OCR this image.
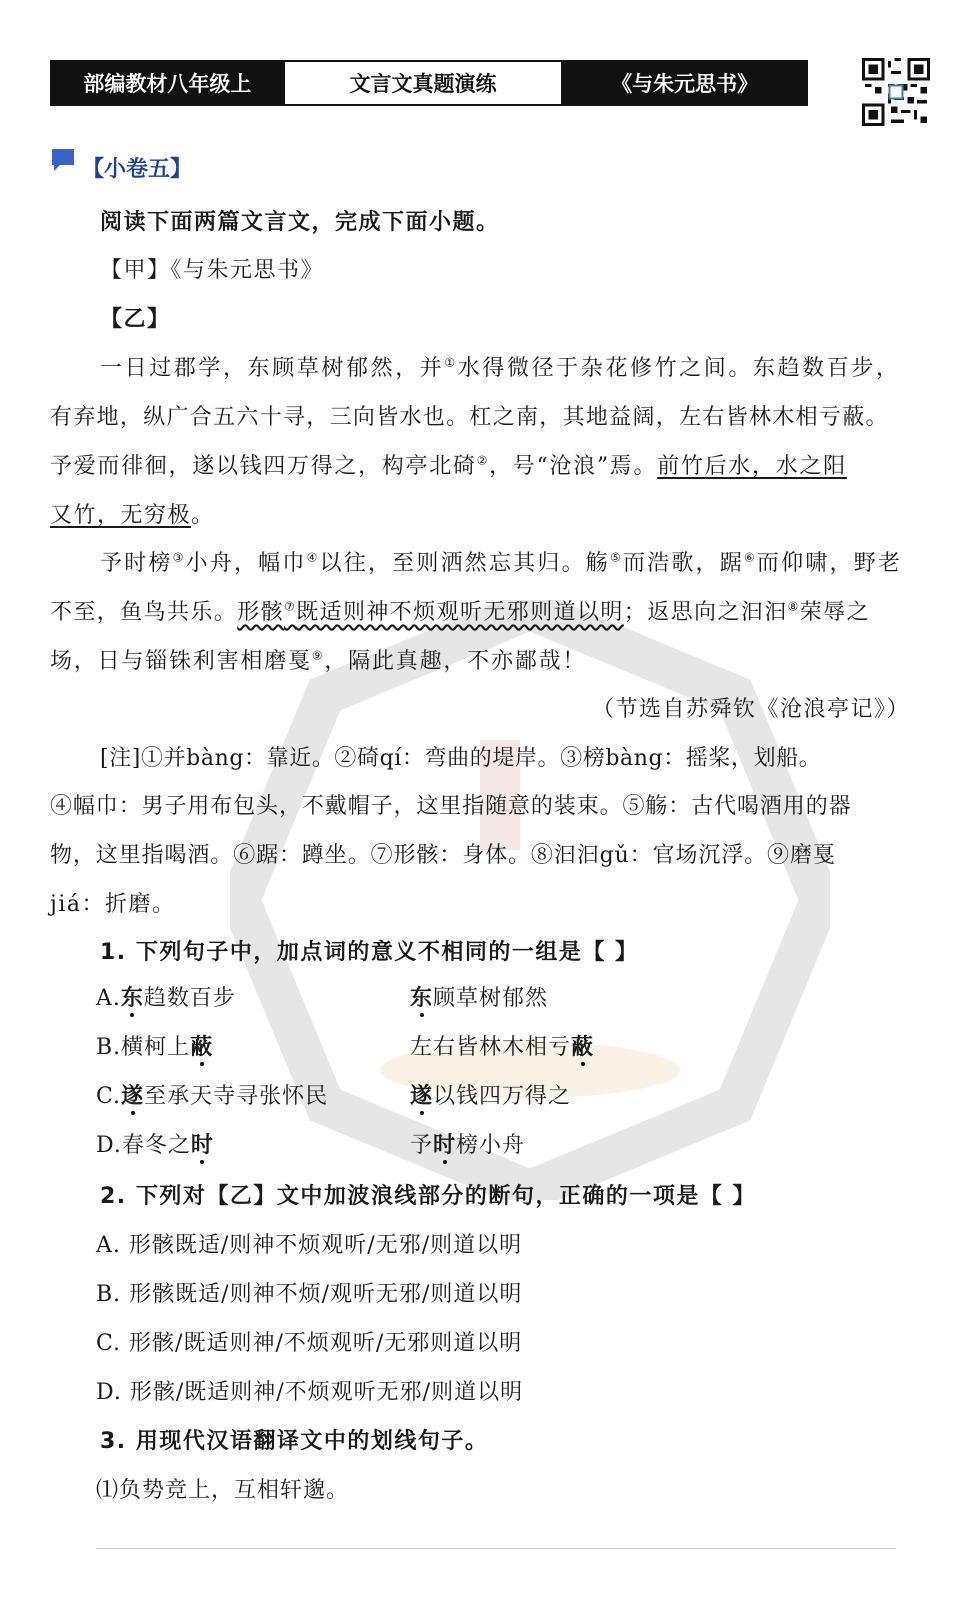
部编教材八年级上	文言文真题演练	《与朱元思书》
【小卷五】
阅读下面两篇文言文，完成下面小题。
【甲】《与朱元思书》
【乙】
一日过郡学，东顾草树郁然，并①水得微径于杂花修竹之间。东趋数百步，
有弃地，纵广合五六十寻，三向皆水也。杠之南，其地益阔，左右皆林木相亏蔽。
予爱而徘徊，遂以钱四万得之，构亭北碕②，号“沧浪”焉。前竹后水，水之阳
又竹，无穷极。
予时榜③小舟，幅巾④以往，至则洒然忘其归。觞⑤而浩歌，踞⑥而仰啸，野老
不至，鱼鸟共乐。形骸⑦既适则神不烦观听无邪则道以明；返思向之汩汩⑧荣辱之
场，日与锱铢利害相磨戛⑨，隔此真趣，不亦鄙哉！
（节选自苏舜钦《沧浪亭记》）
[注]①并bàng：靠近。②碕qí：弯曲的堤岸。③榜bàng：摇桨，划船。
④幅巾：男子用布包头，不戴帽子，这里指随意的装束。⑤觞：古代喝酒用的器
物，这里指喝酒。⑥踞：蹲坐。⑦形骸：身体。⑧汩汩gǔ：官场沉浮。⑨磨戛
jiá：折磨。
1. 下列句子中，加点词的意义不相同的一组是【 】
A.东趋数百步	东顾草树郁然
B.横柯上蔽	左右皆林木相亏蔽
C.遂至承天寺寻张怀民	遂以钱四万得之
D.春冬之时	予时榜小舟
2. 下列对【乙】文中加波浪线部分的断句，正确的一项是【 】
A. 形骸既适/则神不烦观听/无邪/则道以明
B. 形骸既适/则神不烦/观听无邪/则道以明
C. 形骸/既适则神/不烦观听/无邪则道以明
D. 形骸/既适则神/不烦观听无邪/则道以明
3. 用现代汉语翻译文中的划线句子。
⑴负势竞上，互相轩邈。
